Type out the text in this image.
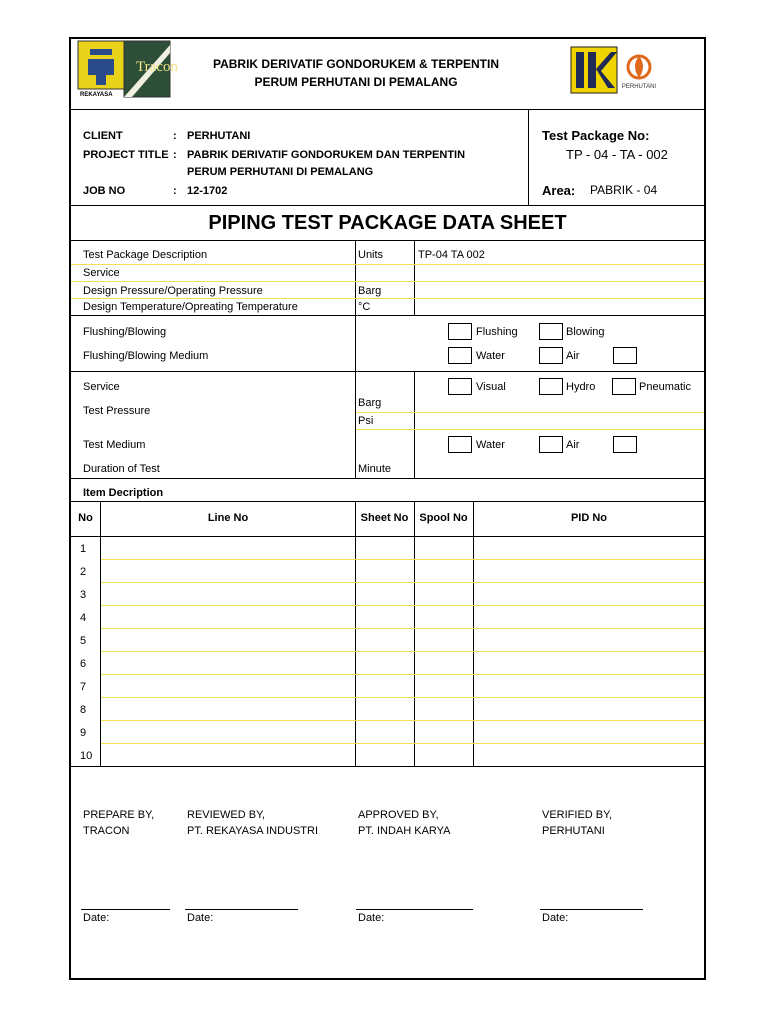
Tracon
REKAYASA
PABRIK DERIVATIF GONDORUKEM & TERPENTIN
PERUM PERHUTANI DI PEMALANG
IK
PERHUTANI
CLIENT	: PERHUTANI
PROJECT TITLE : PABRIK DERIVATIF GONDORUKEM DAN TERPENTIN
PERUM PERHUTANI DI PEMALANG
JOB NO	: 12-1702
Test Package No:
TP - 04 - TA - 002
Area: PABRIK - 04
PIPING TEST PACKAGE DATA SHEET
Test Package Description	Units	TP-04 TA 002
Service
Design Pressure/Operating Pressure	Barg
Design Temperature/Opreating Temperature	°C
Flushing/Blowing	Flushing	Blowing
Flushing/Blowing Medium	Water	Air
Service	Visual	Hydro	Pneumatic
Test Pressure
Barg
Psi
Test Medium	Water	Air
Duration of Test	Minute
Item Decription
No	Line No	Sheet No	Spool No	PID No
1
2
3
4
5
6
7
8
9
10
PREPARE BY,
TRACON
REVIEWED BY,
PT. REKAYASA INDUSTRI
APPROVED BY,
PT. INDAH KARYA
VERIFIED BY,
PERHUTANI
Date:	Date:	Date:	Date:
